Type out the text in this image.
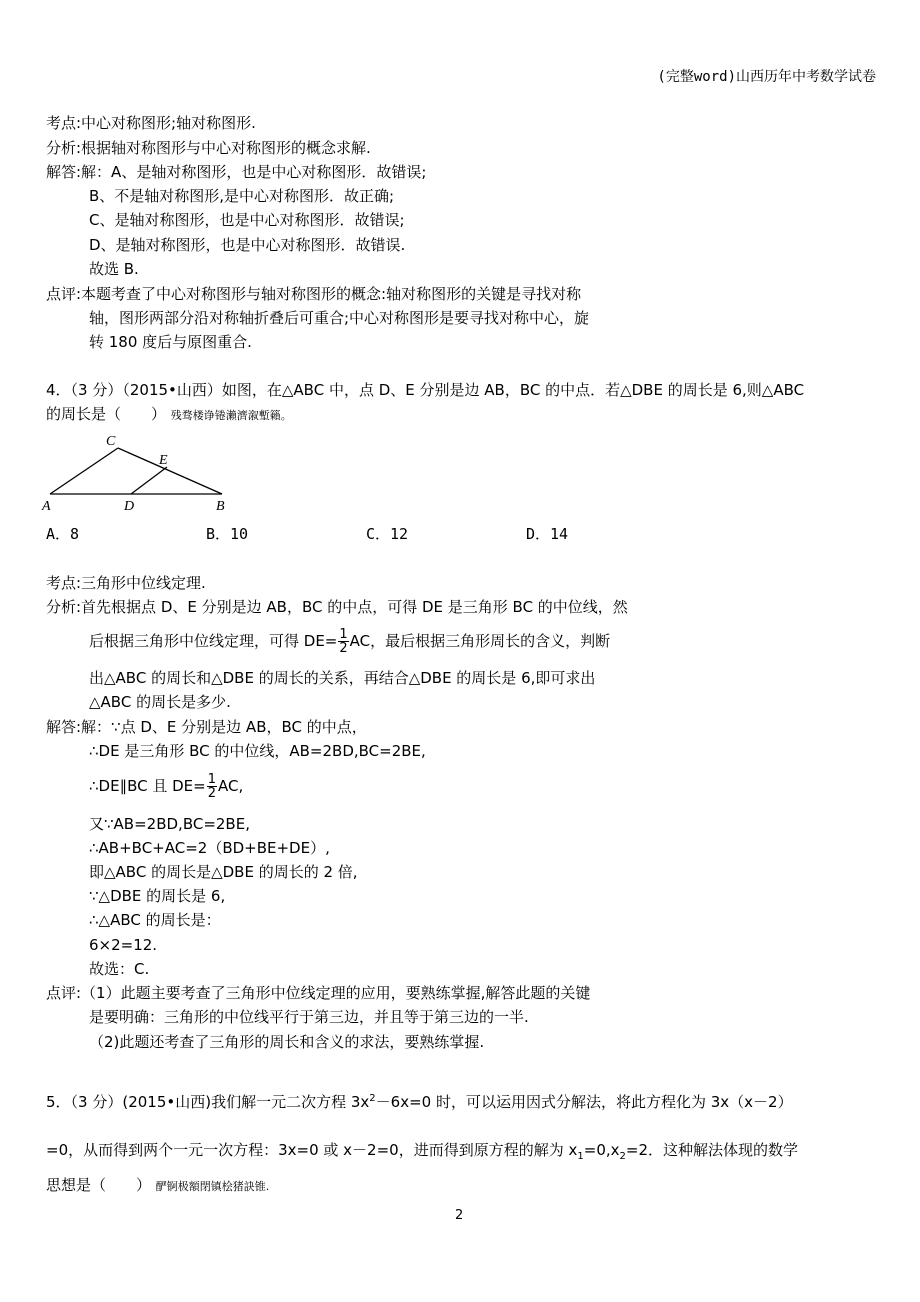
(完整word)山西历年中考数学试卷
考点:中心对称图形;轴对称图形.
分析:根据轴对称图形与中心对称图形的概念求解.
解答:解：A、是轴对称图形，也是中心对称图形．故错误;
B、不是轴对称图形,是中心对称图形．故正确;
C、是轴对称图形，也是中心对称图形．故错误;
D、是轴对称图形，也是中心对称图形．故错误.
故选 B.
点评:本题考查了中心对称图形与轴对称图形的概念:轴对称图形的关键是寻找对称
轴，图形两部分沿对称轴折叠后可重合;中心对称图形是要寻找对称中心，旋
转 180 度后与原图重合.
4．（3 分）（2015•山西）如图，在△ABC 中，点 D、E 分别是边 AB，BC 的中点．若△DBE 的周长是 6,则△ABC
的周长是（　　） 残骛楼诤锩瀨濟溆塹籟。
C
E
A	D	B
A．8	B．10	C．12	D．14
考点:三角形中位线定理.
分析:首先根据点 D、E 分别是边 AB，BC 的中点，可得 DE 是三角形 BC 的中位线，然
后根据三角形中位线定理，可得 $DE= \frac{1}{2}$ AC，最后根据三角形周长的含义，判断
出△ABC 的周长和△DBE 的周长的关系，再结合△DBE 的周长是 6,即可求出
△ABC 的周长是多少.
解答:解：∵点 D、E 分别是边 AB，BC 的中点，
∴DE 是三角形 BC 的中位线，AB=2BD,BC=2BE,
∴DE∥BC 且 $DE= \frac{1}{2}$ AC,
又∵AB=2BD,BC=2BE,
∴AB+BC+AC=2（BD+BE+DE）,
即△ABC 的周长是△DBE 的周长的 2 倍,
∵△DBE 的周长是 6,
∴△ABC 的周长是：
6×2=12.
故选：C.
点评:（1）此题主要考查了三角形中位线定理的应用，要熟练掌握,解答此题的关键
是要明确：三角形的中位线平行于第三边，并且等于第三边的一半.
（2)此题还考查了三角形的周长和含义的求法，要熟练掌握.
5．（3 分）(2015•山西)我们解一元二次方程 $3x^2-6x=0$ 时，可以运用因式分解法，将此方程化为 3x（x－2）
=0，从而得到两个一元一次方程：3x=0 或 x－2=0，进而得到原方程的解为 $x_1=0,x_2=2$．这种解法体现的数学
思想是（　　） 酽锕极額閉镇桧猪訣锥.
2
